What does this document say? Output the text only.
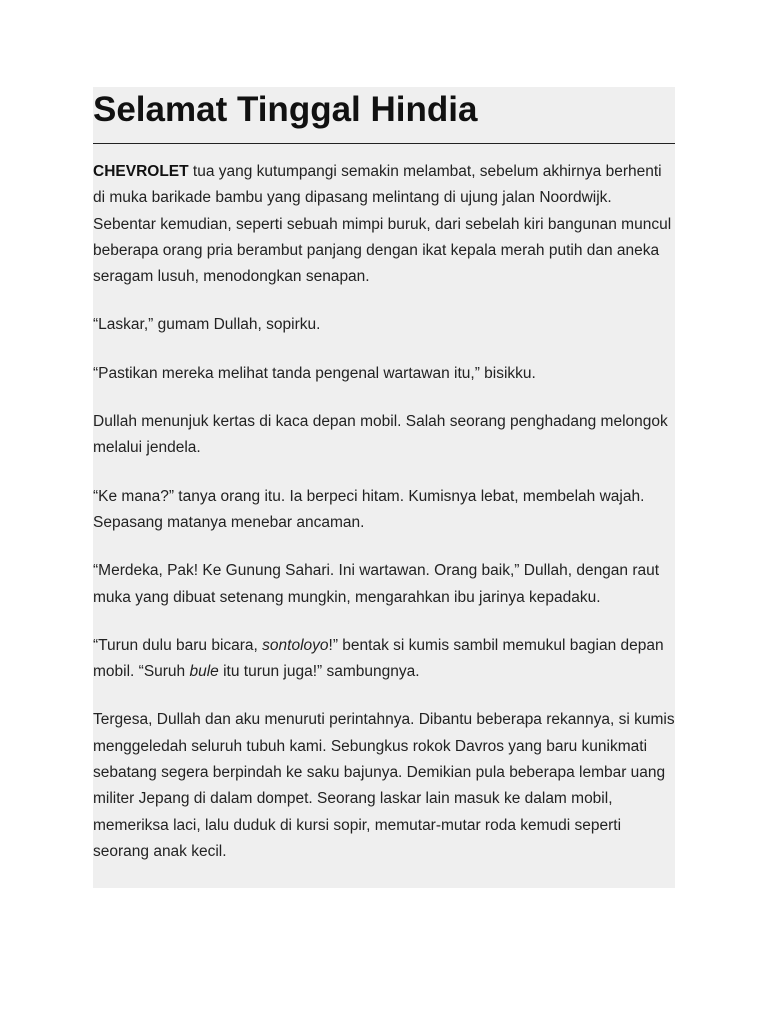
Selamat Tinggal Hindia

CHEVROLET tua yang kutumpangi semakin melambat, sebelum akhirnya berhenti di muka barikade bambu yang dipasang melintang di ujung jalan Noordwijk. Sebentar kemudian, seperti sebuah mimpi buruk, dari sebelah kiri bangunan muncul beberapa orang pria berambut panjang dengan ikat kepala merah putih dan aneka seragam lusuh, menodongkan senapan.

“Laskar,” gumam Dullah, sopirku.

“Pastikan mereka melihat tanda pengenal wartawan itu,” bisikku.

Dullah menunjuk kertas di kaca depan mobil. Salah seorang penghadang melongok melalui jendela.

“Ke mana?” tanya orang itu. Ia berpeci hitam. Kumisnya lebat, membelah wajah. Sepasang matanya menebar ancaman.

“Merdeka, Pak! Ke Gunung Sahari. Ini wartawan. Orang baik,” Dullah, dengan raut muka yang dibuat setenang mungkin, mengarahkan ibu jarinya kepadaku.

“Turun dulu baru bicara, sontoloyo!” bentak si kumis sambil memukul bagian depan mobil. “Suruh bule itu turun juga!” sambungnya.

Tergesa, Dullah dan aku menuruti perintahnya. Dibantu beberapa rekannya, si kumis menggeledah seluruh tubuh kami. Sebungkus rokok Davros yang baru kunikmati sebatang segera berpindah ke saku bajunya. Demikian pula beberapa lembar uang militer Jepang di dalam dompet. Seorang laskar lain masuk ke dalam mobil, memeriksa laci, lalu duduk di kursi sopir, memutar-mutar roda kemudi seperti seorang anak kecil.
